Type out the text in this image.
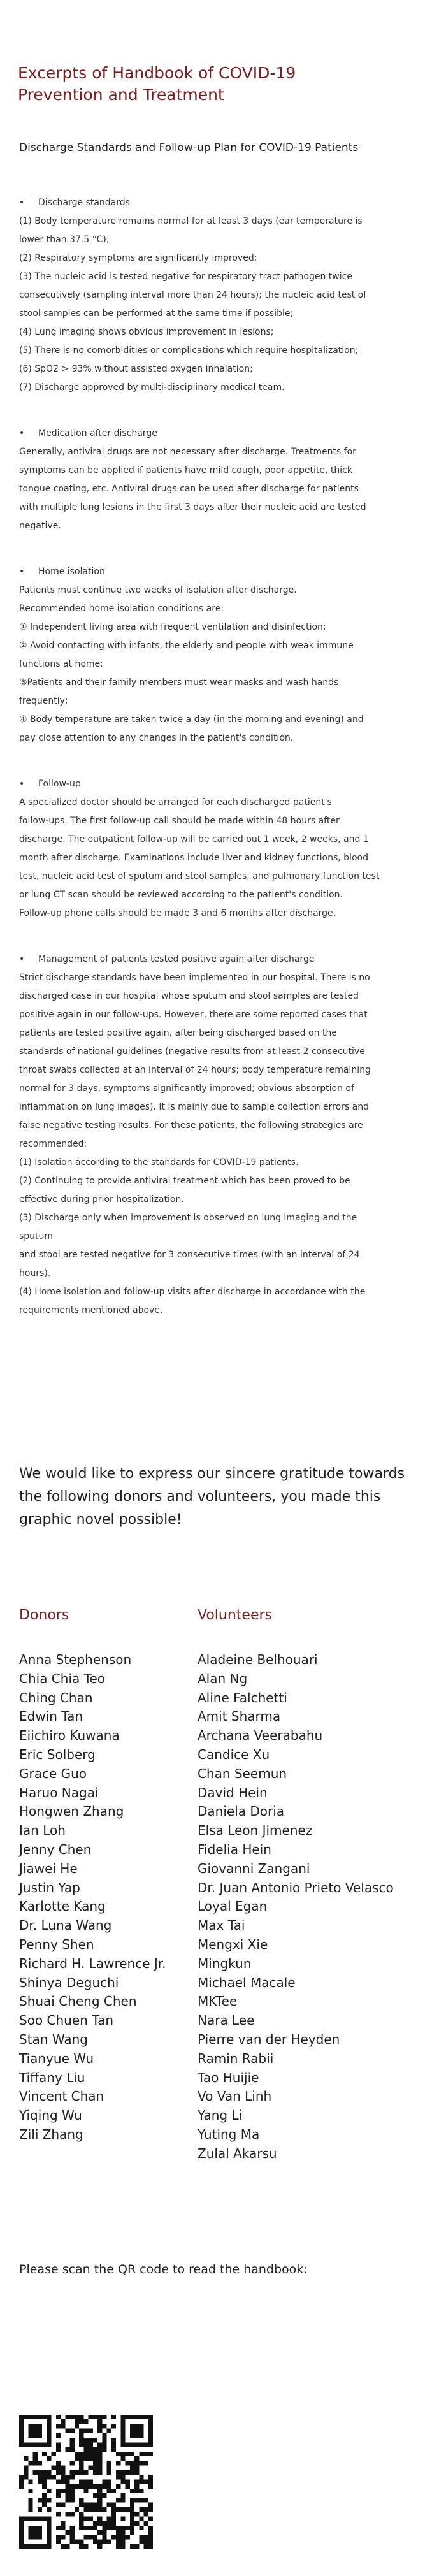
Excerpts of Handbook of COVID-19 Prevention and Treatment
Discharge Standards and Follow-up Plan for COVID-19 Patients

• Discharge standards

(1) Body temperature remains normal for at least 3 days (ear temperature is

lower than 37.5 °C);

(2) Respiratory symptoms are significantly improved;

(3) The nucleic acid is tested negative for respiratory tract pathogen twice

consecutively (sampling interval more than 24 hours); the nucleic acid test of

stool samples can be performed at the same time if possible;

(4) Lung imaging shows obvious improvement in lesions;

(5) There is no comorbidities or complications which require hospitalization;

(6) SpO2 > 93% without assisted oxygen inhalation;

(7) Discharge approved by multi-disciplinary medical team.

• Medication after discharge

Generally, antiviral drugs are not necessary after discharge. Treatments for

symptoms can be applied if patients have mild cough, poor appetite, thick

tongue coating, etc. Antiviral drugs can be used after discharge for patients

with multiple lung lesions in the first 3 days after their nucleic acid are tested

negative.

• Home isolation

Patients must continue two weeks of isolation after discharge.

Recommended home isolation conditions are:

① Independent living area with frequent ventilation and disinfection;

② Avoid contacting with infants, the elderly and people with weak immune

functions at home;

③Patients and their family members must wear masks and wash hands

frequently;

④ Body temperature are taken twice a day (in the morning and evening) and

pay close attention to any changes in the patient's condition.

• Follow-up

A specialized doctor should be arranged for each discharged patient's

follow-ups. The first follow-up call should be made within 48 hours after

discharge. The outpatient follow-up will be carried out 1 week, 2 weeks, and 1

month after discharge. Examinations include liver and kidney functions, blood

test, nucleic acid test of sputum and stool samples, and pulmonary function test

or lung CT scan should be reviewed according to the patient's condition.

Follow-up phone calls should be made 3 and 6 months after discharge.

• Management of patients tested positive again after discharge

Strict discharge standards have been implemented in our hospital. There is no

discharged case in our hospital whose sputum and stool samples are tested

positive again in our follow-ups. However, there are some reported cases that

patients are tested positive again, after being discharged based on the

standards of national guidelines (negative results from at least 2 consecutive

throat swabs collected at an interval of 24 hours; body temperature remaining

normal for 3 days, symptoms significantly improved; obvious absorption of

inflammation on lung images). It is mainly due to sample collection errors and

false negative testing results. For these patients, the following strategies are

recommended:

(1) Isolation according to the standards for COVID-19 patients.

(2) Continuing to provide antiviral treatment which has been proved to be

effective during prior hospitalization.

(3) Discharge only when improvement is observed on lung imaging and the

sputum

and stool are tested negative for 3 consecutive times (with an interval of 24

hours).

(4) Home isolation and follow-up visits after discharge in accordance with the

requirements mentioned above.

We would like to express our sincere gratitude towards the following donors and volunteers, you made this graphic novel possible!

Donors	Volunteers
Anna Stephenson
Chia Chia Teo
Ching Chan
Edwin Tan
Eiichiro Kuwana
Eric Solberg
Grace Guo
Haruo Nagai
Hongwen Zhang
Ian Loh
Jenny Chen
Jiawei He
Justin Yap
Karlotte Kang
Dr. Luna Wang
Penny Shen
Richard H. Lawrence Jr.
Shinya Deguchi
Shuai Cheng Chen
Soo Chuen Tan
Stan Wang
Tianyue Wu
Tiffany Liu
Vincent Chan
Yiqing Wu
Zili Zhang
Aladeine Belhouari
Alan Ng
Aline Falchetti
Amit Sharma
Archana Veerabahu
Candice Xu
Chan Seemun
David Hein
Daniela Doria
Elsa Leon Jimenez
Fidelia Hein
Giovanni Zangani
Dr. Juan Antonio Prieto Velasco
Loyal Egan
Max Tai
Mengxi Xie
Mingkun
Michael Macale
MKTee
Nara Lee
Pierre van der Heyden
Ramin Rabii
Tao Huijie
Vo Van Linh
Yang Li
Yuting Ma
Zulal Akarsu

Please scan the QR code to read the handbook:
